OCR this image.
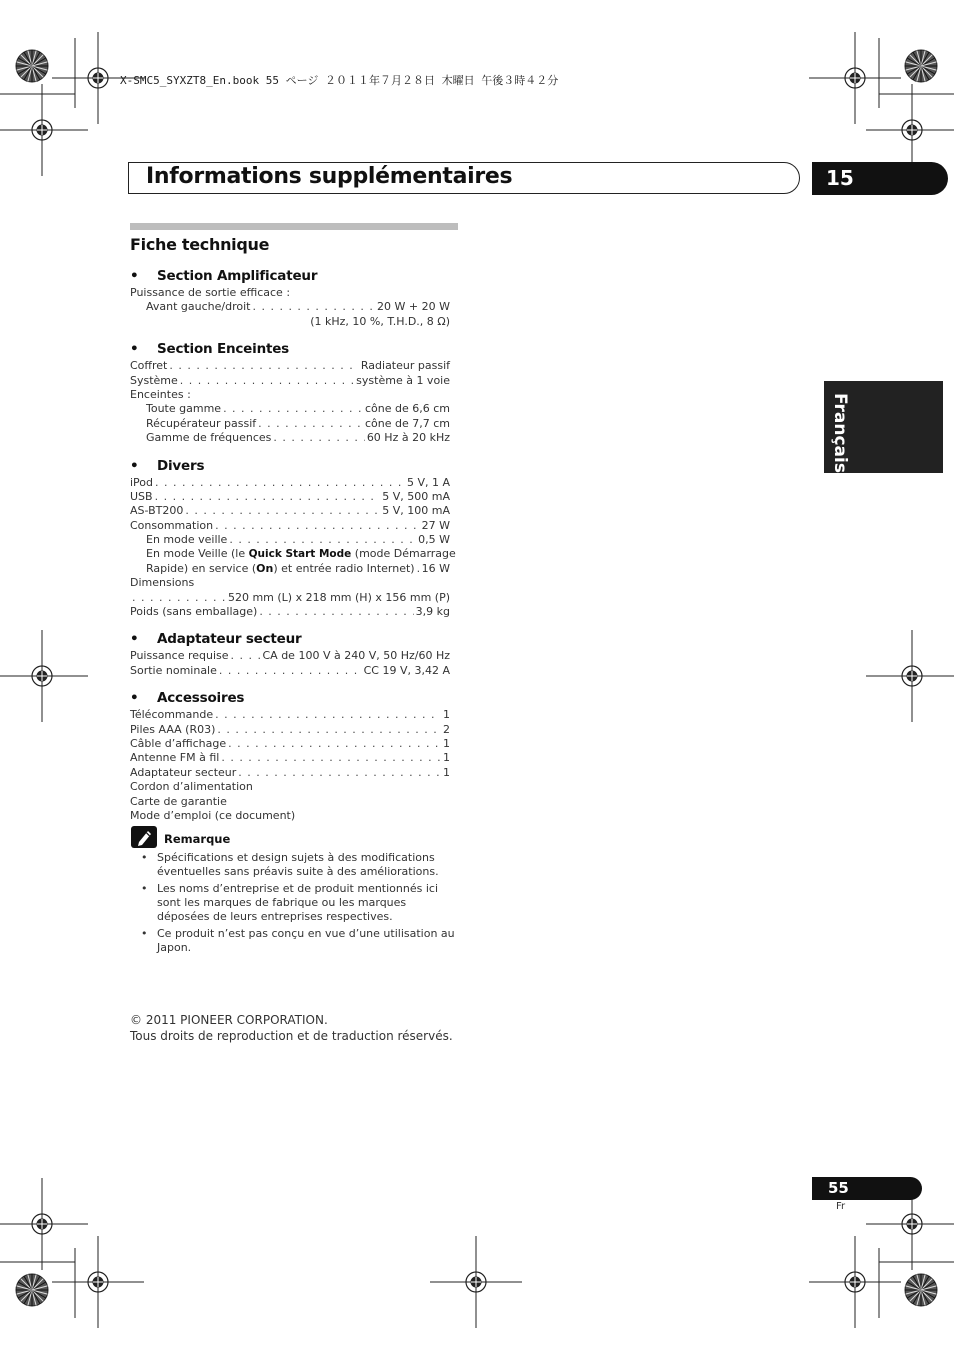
X-SMC5_SYXZT8_En.book 55 ページ ２０１１年７月２８日 木曜日 午後３時４２分
Informations supplémentaires	15
Français
Fiche technique
• Section Amplificateur
Puissance de sortie efficace :
Avant gauche/droit . . .	20 W + 20 W
(1 kHz, 10 %, T.H.D., 8 Ω)
• Section Enceintes
Coffret . . .	Radiateur passif
Système . . .	système à 1 voie
Enceintes :
Toute gamme . . .	cône de 6,6 cm
Récupérateur passif . . .	cône de 7,7 cm
Gamme de fréquences . . .	60 Hz à 20 kHz
• Divers
iPod . . .	5 V, 1 A
USB . . .	5 V, 500 mA
AS-BT200 . . .	5 V, 100 mA
Consommation . . .	27 W
En mode veille . . .	0,5 W
En mode Veille (le Quick Start Mode (mode Démarrage
Rapide) en service (On) et entrée radio Internet) . . . 16 W
Dimensions
. . .
520 mm (L) x 218 mm (H) x 156 mm (P)
Poids (sans emballage) . . .	3,9 kg
• Adaptateur secteur
Puissance requise . . .	CA de 100 V à 240 V, 50 Hz/60 Hz
Sortie nominale . . .	CC 19 V, 3,42 A
• Accessoires
Télécommande . . .	1
Piles AAA (R03) . . .	2
Câble d’affichage . . .	1
Antenne FM à fil . . .	1
Adaptateur secteur . . .	1
Cordon d’alimentation
Carte de garantie
Mode d’emploi (ce document)
Remarque
• Spécifications et design sujets à des modifications éventuelles sans préavis suite à des améliorations.
• Les noms d’entreprise et de produit mentionnés ici sont les marques de fabrique ou les marques déposées de leurs entreprises respectives.
• Ce produit n’est pas conçu en vue d’une utilisation au Japon.
© 2011 PIONEER CORPORATION.
Tous droits de reproduction et de traduction réservés.
55
Fr
